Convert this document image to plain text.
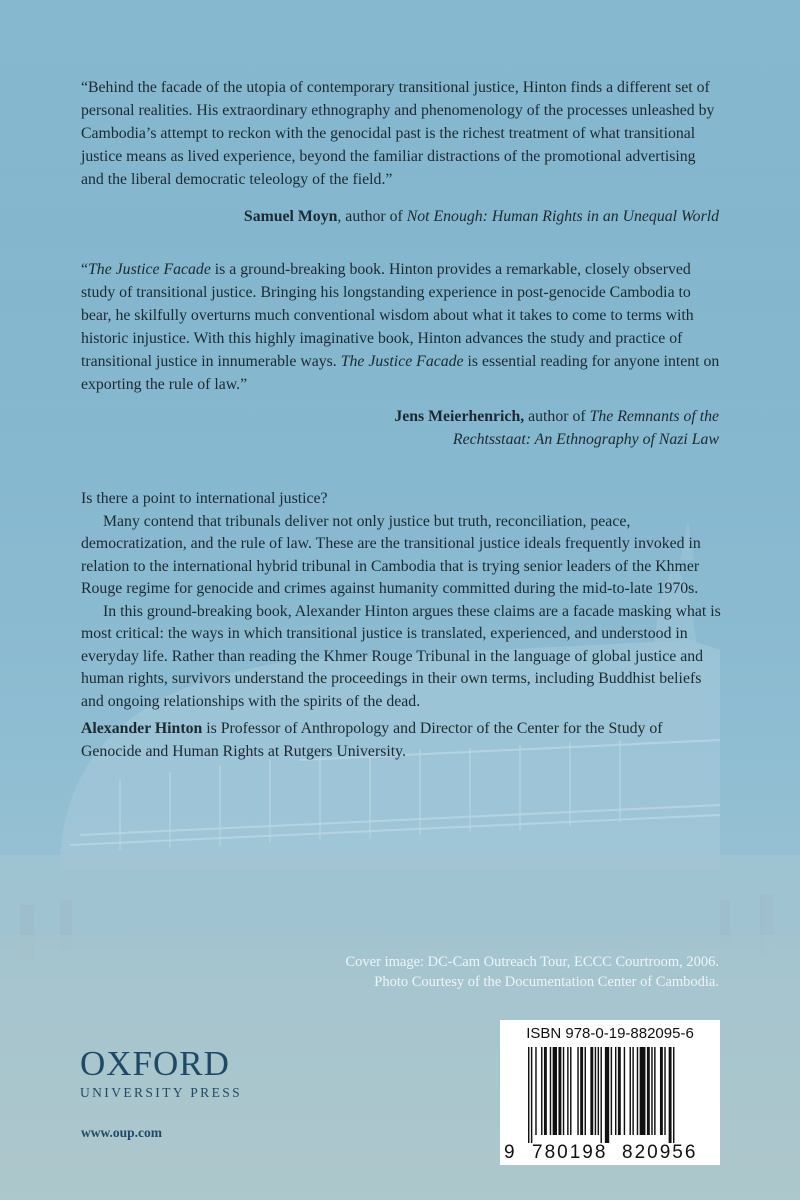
“Behind the facade of the utopia of contemporary transitional justice, Hinton finds a different set of personal realities. His extraordinary ethnography and phenomenology of the processes unleashed by Cambodia’s attempt to reckon with the genocidal past is the richest treatment of what transitional justice means as lived experience, beyond the familiar distractions of the promotional advertising and the liberal democratic teleology of the field.”
Samuel Moyn, author of Not Enough: Human Rights in an Unequal World
“The Justice Facade is a ground-breaking book. Hinton provides a remarkable, closely observed study of transitional justice. Bringing his longstanding experience in post-genocide Cambodia to bear, he skilfully overturns much conventional wisdom about what it takes to come to terms with historic injustice. With this highly imaginative book, Hinton advances the study and practice of transitional justice in innumerable ways. The Justice Facade is essential reading for anyone intent on exporting the rule of law.”
Jens Meierhenrich, author of The Remnants of the Rechtsstaat: An Ethnography of Nazi Law

Is there a point to international justice?

Many contend that tribunals deliver not only justice but truth, reconciliation, peace, democratization, and the rule of law. These are the transitional justice ideals frequently invoked in relation to the international hybrid tribunal in Cambodia that is trying senior leaders of the Khmer Rouge regime for genocide and crimes against humanity committed during the mid-to-late 1970s.

In this ground-breaking book, Alexander Hinton argues these claims are a facade masking what is most critical: the ways in which transitional justice is translated, experienced, and understood in everyday life. Rather than reading the Khmer Rouge Tribunal in the language of global justice and human rights, survivors understand the proceedings in their own terms, including Buddhist beliefs and ongoing relationships with the spirits of the dead.

Alexander Hinton is Professor of Anthropology and Director of the Center for the Study of Genocide and Human Rights at Rutgers University.

Cover image: DC-Cam Outreach Tour, ECCC Courtroom, 2006.
Photo Courtesy of the Documentation Center of Cambodia.
OXFORD
UNIVERSITY PRESS
www.oup.com
ISBN 978-0-19-882095-6
9 780198 820956
